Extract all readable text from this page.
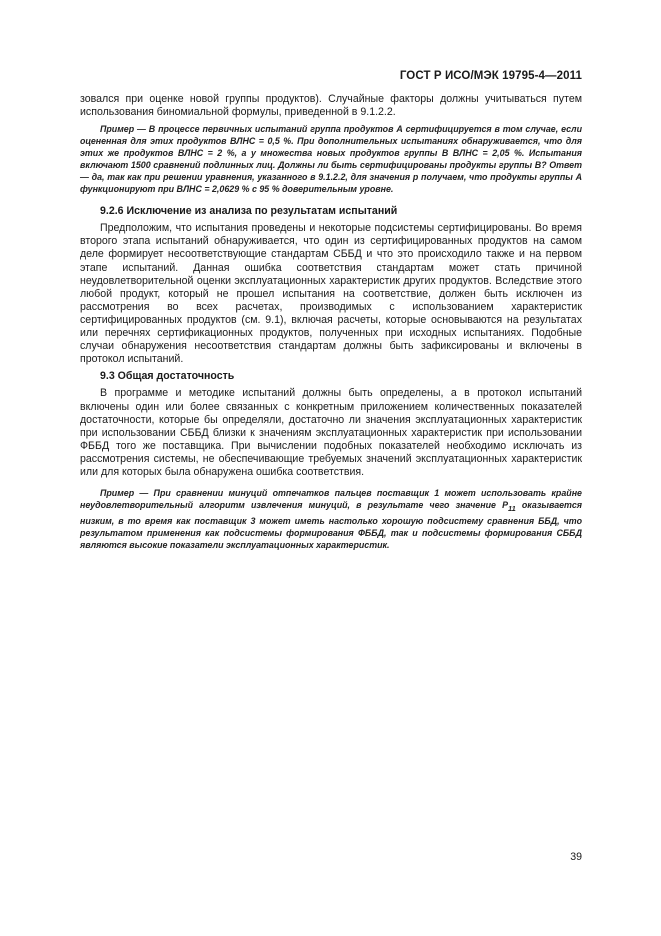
ГОСТ Р ИСО/МЭК 19795-4—2011

зовался при оценке новой группы продуктов). Случайные факторы должны учитываться путем использования биномиальной формулы, приведенной в 9.1.2.2.

Пример — В процессе первичных испытаний группа продуктов А сертифицируется в том случае, если оцененная для этих продуктов ВЛНС = 0,5 %. При дополнительных испытаниях обнаруживается, что для этих же продуктов ВЛНС = 2 %, а у множества новых продуктов группы В ВЛНС = 2,05 %. Испытания включают 1500 сравнений подлинных лиц. Должны ли быть сертифицированы продукты группы В? Ответ — да, так как при решении уравнения, указанного в 9.1.2.2, для значения p получаем, что продукты группы А функционируют при ВЛНС = 2,0629 % с 95 % доверительным уровне.

9.2.6 Исключение из анализа по результатам испытаний

Предположим, что испытания проведены и некоторые подсистемы сертифицированы. Во время второго этапа испытаний обнаруживается, что один из сертифицированных продуктов на самом деле формирует несоответствующие стандартам СББД и что это происходило также и на первом этапе испытаний. Данная ошибка соответствия стандартам может стать причиной неудовлетворительной оценки эксплуатационных характеристик других продуктов. Вследствие этого любой продукт, который не прошел испытания на соответствие, должен быть исключен из рассмотрения во всех расчетах, производимых с использованием характеристик сертифицированных продуктов (см. 9.1), включая расчеты, которые основываются на результатах или перечнях сертификационных продуктов, полученных при исходных испытаниях. Подобные случаи обнаружения несоответствия стандартам должны быть зафиксированы и включены в протокол испытаний.

9.3 Общая достаточность

В программе и методике испытаний должны быть определены, а в протокол испытаний включены один или более связанных с конкретным приложением количественных показателей достаточности, которые бы определяли, достаточно ли значения эксплуатационных характеристик при использовании СББД близки к значениям эксплуатационных характеристик при использовании ФББД того же поставщика. При вычислении подобных показателей необходимо исключать из рассмотрения системы, не обеспечивающие требуемых значений эксплуатационных характеристик или для которых была обнаружена ошибка соответствия.

Пример — При сравнении минуций отпечатков пальцев поставщик 1 может использовать крайне неудовлетворительный алгоритм извлечения минуций, в результате чего значение $P_{11}$ оказывается низким, в то время как поставщик 3 может иметь настолько хорошую подсистему сравнения ББД, что результатом применения как подсистемы формирования ФББД, так и подсистемы формирования СББД являются высокие показатели эксплуатационных характеристик.

39
